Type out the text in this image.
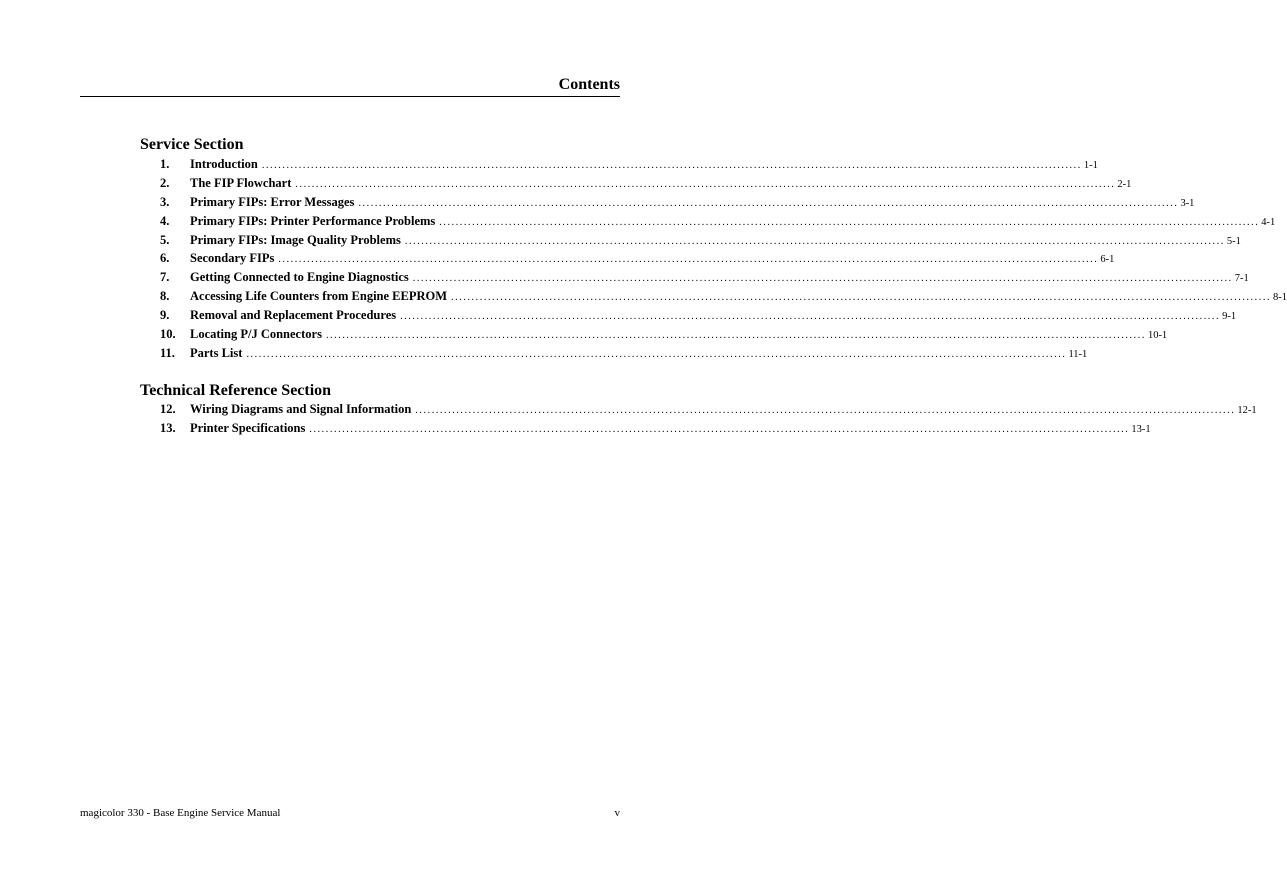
Contents
Service Section
1.	Introduction ........................................................................................................................................................................................................ 1-1
2.	The FIP Flowchart ........................................................................................................................................................................................................ 2-1
3.	Primary FIPs: Error Messages ........................................................................................................................................................................................................ 3-1
4.	Primary FIPs: Printer Performance Problems ........................................................................................................................................................................................................ 4-1
5.	Primary FIPs: Image Quality Problems ........................................................................................................................................................................................................ 5-1
6.	Secondary FIPs ........................................................................................................................................................................................................ 6-1
7.	Getting Connected to Engine Diagnostics ........................................................................................................................................................................................................ 7-1
8.	Accessing Life Counters from Engine EEPROM ........................................................................................................................................................................................................ 8-1
9.	Removal and Replacement Procedures ........................................................................................................................................................................................................ 9-1
10.	Locating P/J Connectors ........................................................................................................................................................................................................ 10-1
11.	Parts List ........................................................................................................................................................................................................ 11-1
Technical Reference Section
12.	Wiring Diagrams and Signal Information ........................................................................................................................................................................................................ 12-1
13.	Printer Specifications ........................................................................................................................................................................................................ 13-1
magicolor 330 - Base Engine Service Manual	v
